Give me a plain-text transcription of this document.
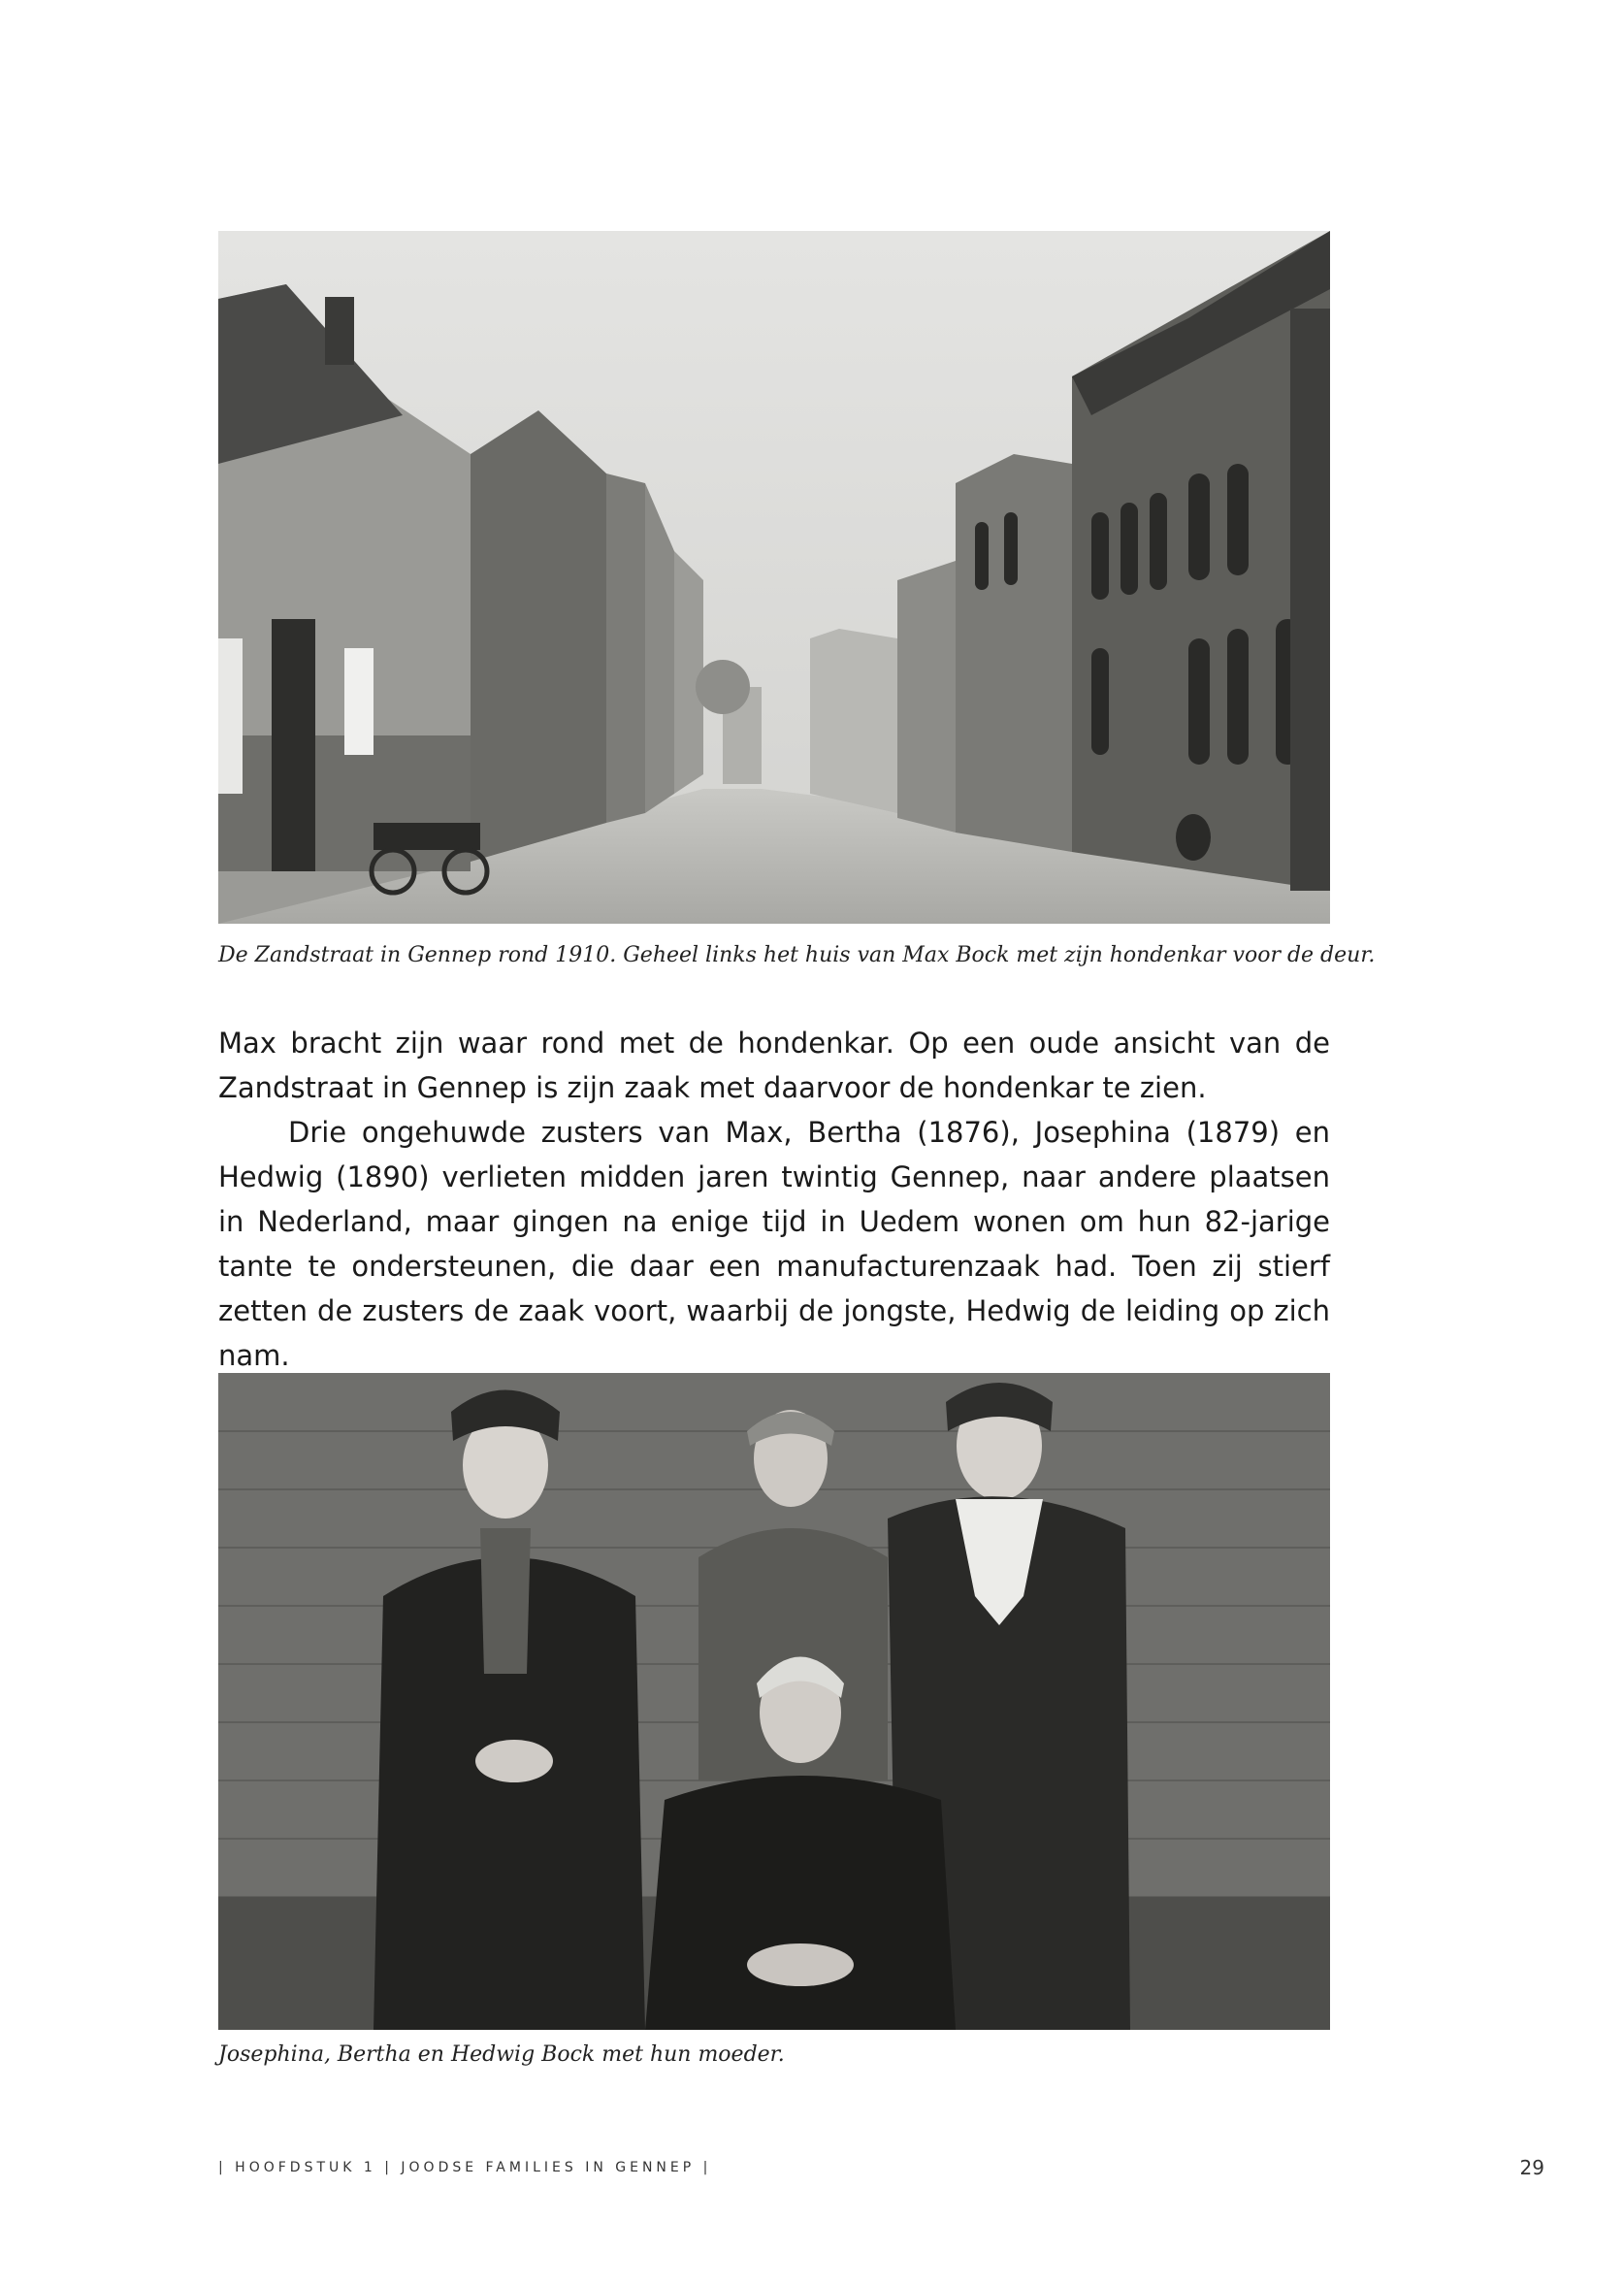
De Zandstraat in Gennep rond 1910. Geheel links het huis van Max Bock met zijn hondenkar voor de deur.

Max bracht zijn waar rond met de hondenkar. Op een oude ansicht van de Zandstraat in Gennep is zijn zaak met daarvoor de hondenkar te zien.

Drie ongehuwde zusters van Max, Bertha (1876), Josephina (1879) en Hedwig (1890) verlieten midden jaren twintig Gennep, naar andere plaatsen in Nederland, maar gingen na enige tijd in Uedem wonen om hun 82-jarige tante te ondersteunen, die daar een manufacturenzaak had. Toen zij stierf zetten de zusters de zaak voort, waarbij de jongste, Hedwig de leiding op zich nam.

Josephina, Bertha en Hedwig Bock met hun moeder.
| HOOFDSTUK 1 | JOODSE FAMILIES IN GENNEP |	29
